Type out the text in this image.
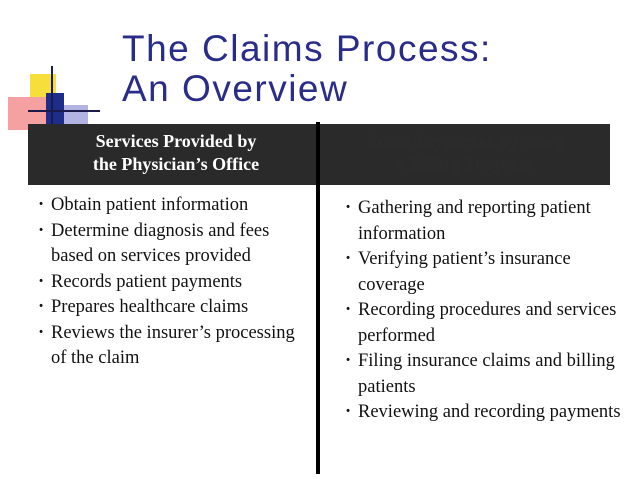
The Claims Process:
An Overview
Services Provided by
the Physician’s Office
Tasks Supported by using
a Billing Program
· Obtain patient information
· Determine diagnosis and fees based on services provided
· Records patient payments
· Prepares healthcare claims
· Reviews the insurer’s processing of the claim
· Gathering and reporting patient information
· Verifying patient’s insurance coverage
· Recording procedures and services performed
· Filing insurance claims and billing patients
· Reviewing and recording payments
